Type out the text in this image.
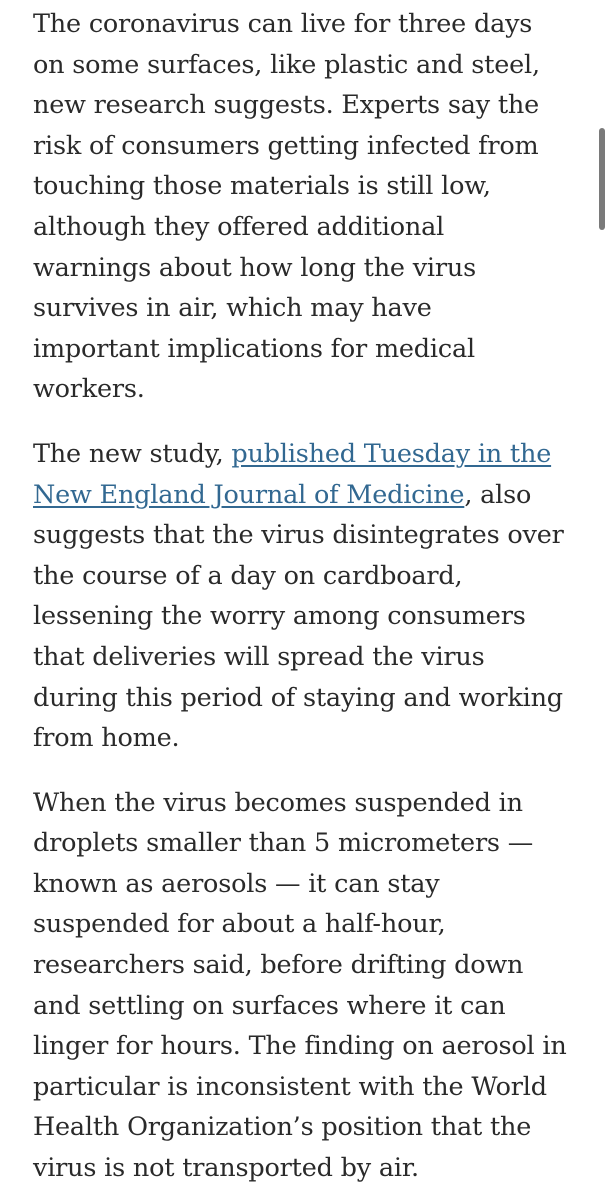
The coronavirus can live for three days
on some surfaces, like plastic and steel,
new research suggests. Experts say the
risk of consumers getting infected from
touching those materials is still low,
although they offered additional
warnings about how long the virus
survives in air, which may have
important implications for medical
workers.

The new study, published Tuesday in the
New England Journal of Medicine, also
suggests that the virus disintegrates over
the course of a day on cardboard,
lessening the worry among consumers
that deliveries will spread the virus
during this period of staying and working
from home.

When the virus becomes suspended in
droplets smaller than 5 micrometers —
known as aerosols — it can stay
suspended for about a half-hour,
researchers said, before drifting down
and settling on surfaces where it can
linger for hours. The finding on aerosol in
particular is inconsistent with the World
Health Organization’s position that the
virus is not transported by air.
